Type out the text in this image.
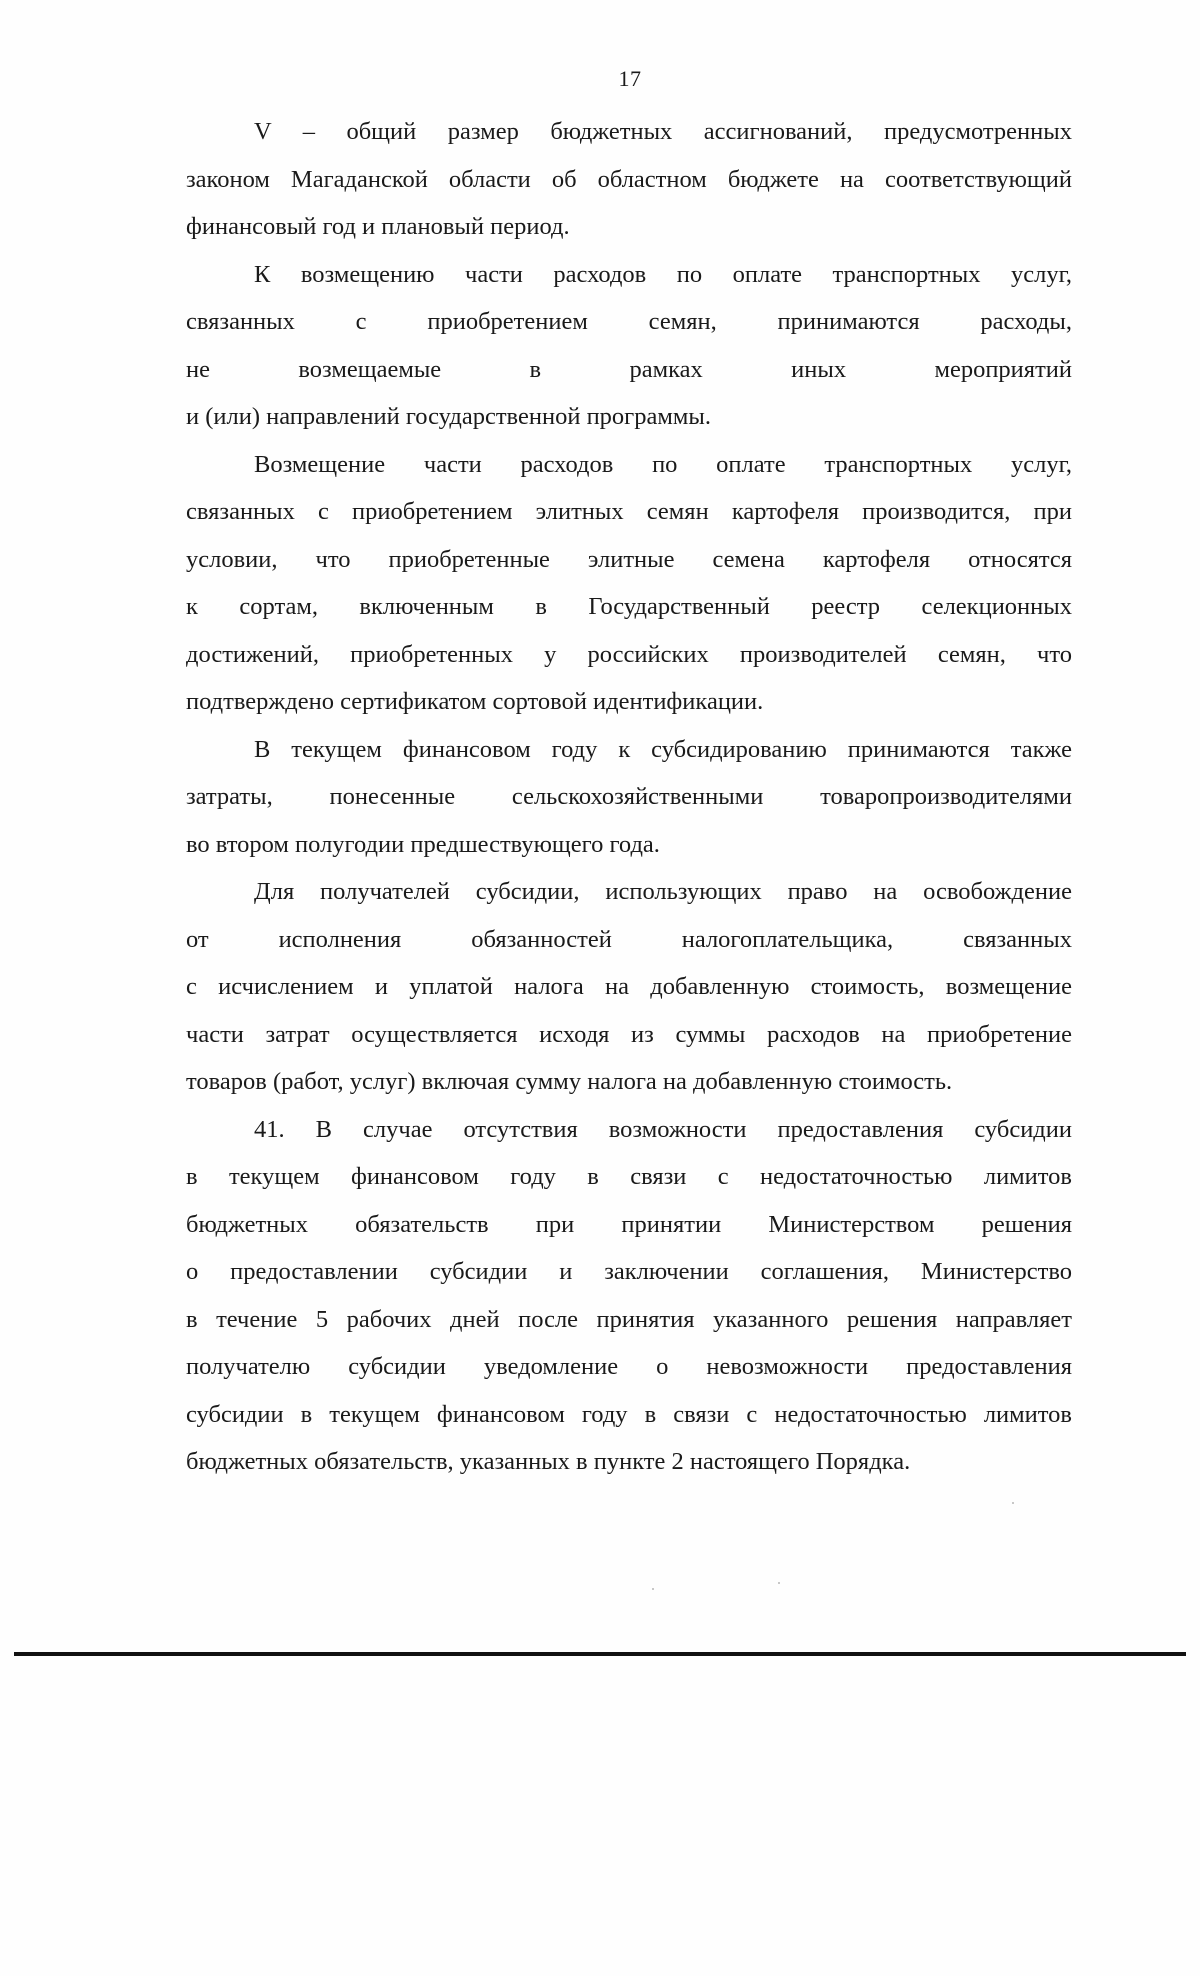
17
V – общий размер бюджетных ассигнований, предусмотренных
законом Магаданской области об областном бюджете на соответствующий
финансовый год и плановый период.
К возмещению части расходов по оплате транспортных услуг,
связанных с приобретением семян, принимаются расходы,
не возмещаемые в рамках иных мероприятий
и (или) направлений государственной программы.
Возмещение части расходов по оплате транспортных услуг,
связанных с приобретением элитных семян картофеля производится, при
условии, что приобретенные элитные семена картофеля относятся
к сортам, включенным в Государственный реестр селекционных
достижений, приобретенных у российских производителей семян, что
подтверждено сертификатом сортовой идентификации.
В текущем финансовом году к субсидированию принимаются также
затраты, понесенные сельскохозяйственными товаропроизводителями
во втором полугодии предшествующего года.
Для получателей субсидии, использующих право на освобождение
от исполнения обязанностей налогоплательщика, связанных
с исчислением и уплатой налога на добавленную стоимость, возмещение
части затрат осуществляется исходя из суммы расходов на приобретение
товаров (работ, услуг) включая сумму налога на добавленную стоимость.
41. В случае отсутствия возможности предоставления субсидии
в текущем финансовом году в связи с недостаточностью лимитов
бюджетных обязательств при принятии Министерством решения
о предоставлении субсидии и заключении соглашения, Министерство
в течение 5 рабочих дней после принятия указанного решения направляет
получателю субсидии уведомление о невозможности предоставления
субсидии в текущем финансовом году в связи с недостаточностью лимитов
бюджетных обязательств, указанных в пункте 2 настоящего Порядка.
